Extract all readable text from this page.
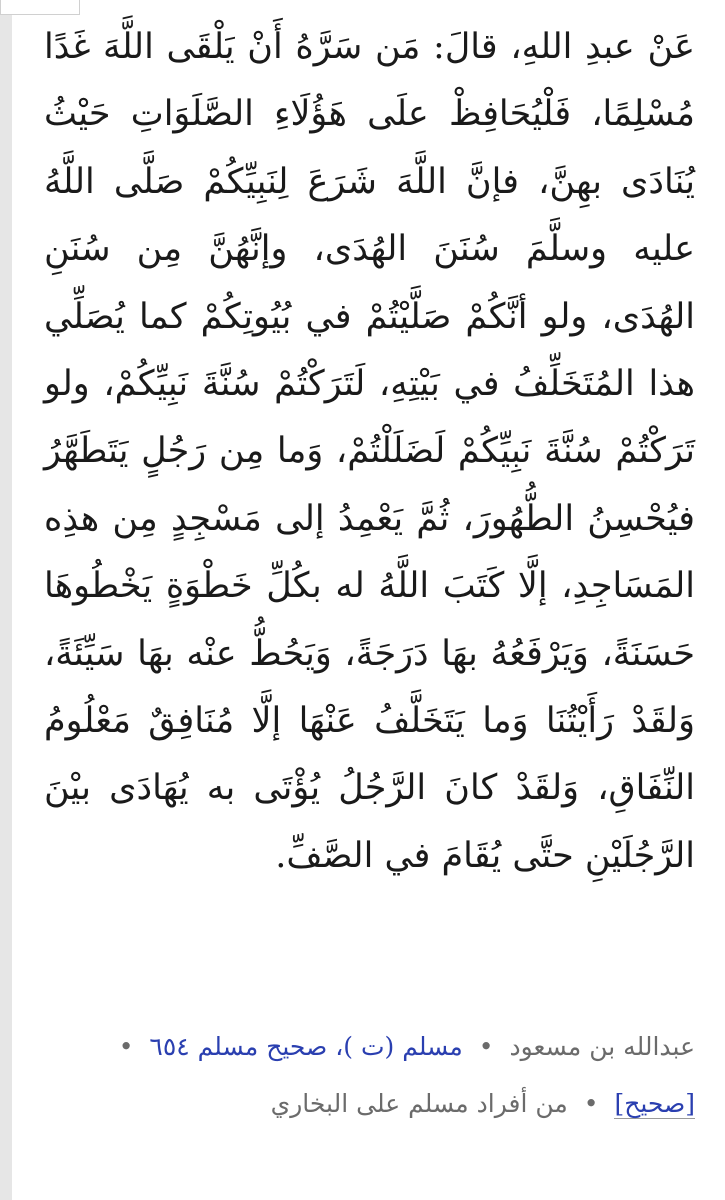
عَنْ عبدِ اللهِ، قالَ: مَن سَرَّهُ أَنْ يَلْقَى اللَّهَ غَدًا مُسْلِمًا، فَلْيُحَافِظْ علَى هَؤُلَاءِ الصَّلَوَاتِ حَيْثُ يُنَادَى بهِنَّ، فإنَّ اللَّهَ شَرَعَ لِنَبِيِّكُمْ صَلَّى اللَّهُ عليه وسلَّمَ سُنَنَ الهُدَى، وإنَّهُنَّ مِن سُنَنِ الهُدَى، ولو أنَّكُمْ صَلَّيْتُمْ في بُيُوتِكُمْ كما يُصَلِّي هذا المُتَخَلِّفُ في بَيْتِهِ، لَتَرَكْتُمْ سُنَّةَ نَبِيِّكُمْ، ولو تَرَكْتُمْ سُنَّةَ نَبِيِّكُمْ لَضَلَلْتُمْ، وَما مِن رَجُلٍ يَتَطَهَّرُ فيُحْسِنُ الطُّهُورَ، ثُمَّ يَعْمِدُ إلى مَسْجِدٍ مِن هذِه المَسَاجِدِ، إلَّا كَتَبَ اللَّهُ له بكُلِّ خَطْوَةٍ يَخْطُوهَا حَسَنَةً، وَيَرْفَعُهُ بهَا دَرَجَةً، وَيَحُطُّ عنْه بهَا سَيِّئَةً، وَلقَدْ رَأَيْتُنَا وَما يَتَخَلَّفُ عَنْهَا إلَّا مُنَافِقٌ مَعْلُومُ النِّفَاقِ، وَلقَدْ كانَ الرَّجُلُ يُؤْتَى به يُهَادَى بيْنَ الرَّجُلَيْنِ حتَّى يُقَامَ في الصَّفِّ.
عبدالله بن مسعود • مسلم (ت )، صحيح مسلم ٦٥٤ • [صحيح] • من أفراد مسلم على البخاري
